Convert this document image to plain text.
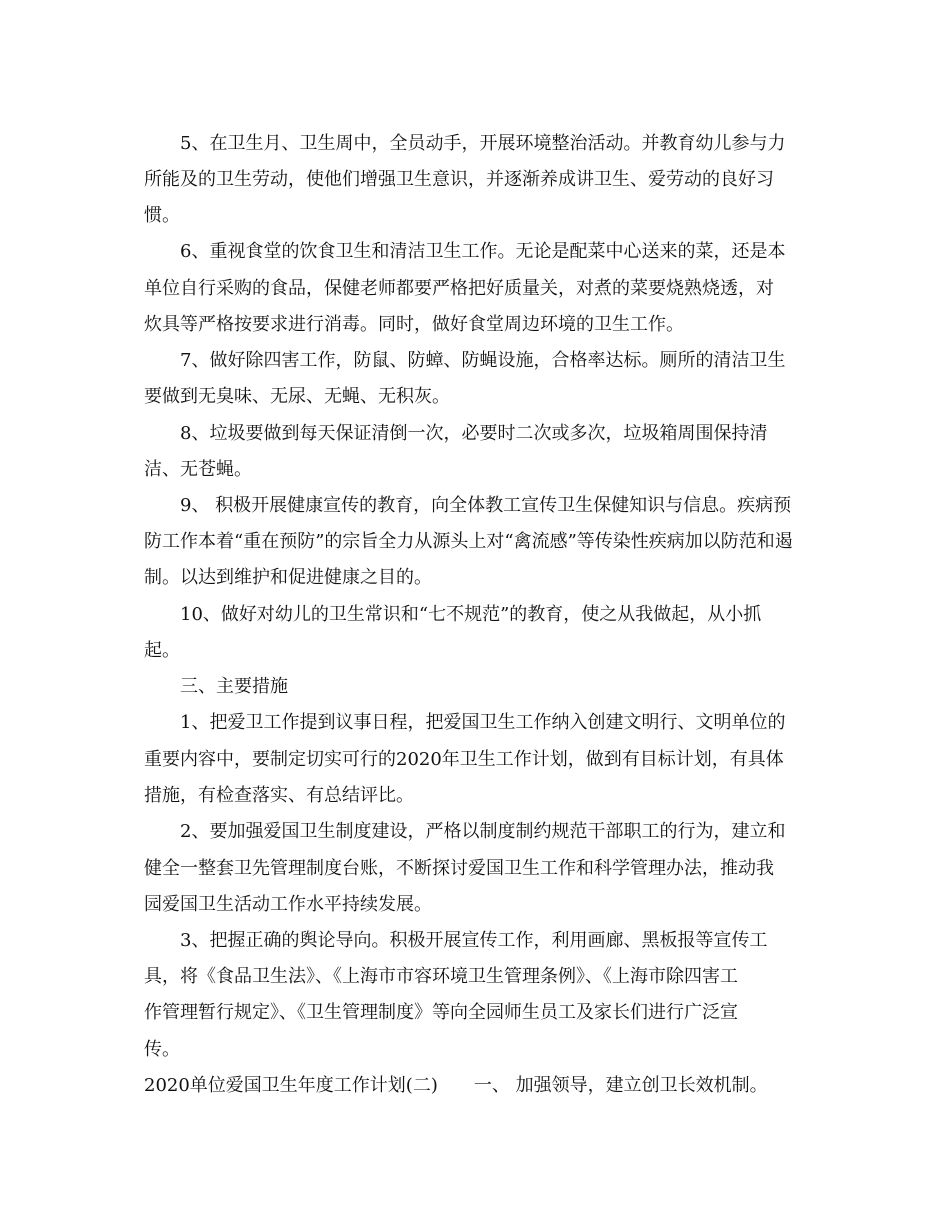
5、在卫生月、卫生周中，全员动手，开展环境整治活动。并教育幼儿参与力
所能及的卫生劳动，使他们增强卫生意识，并逐渐养成讲卫生、爱劳动的良好习
惯。
6、重视食堂的饮食卫生和清洁卫生工作。无论是配菜中心送来的菜，还是本
单位自行采购的食品，保健老师都要严格把好质量关，对煮的菜要烧熟烧透，对
炊具等严格按要求进行消毒。同时，做好食堂周边环境的卫生工作。
7、做好除四害工作，防鼠、防蟑、防蝇设施，合格率达标。厕所的清洁卫生
要做到无臭味、无尿、无蝇、无积灰。
8、垃圾要做到每天保证清倒一次，必要时二次或多次，垃圾箱周围保持清
洁、无苍蝇。
9、 积极开展健康宣传的教育，向全体教工宣传卫生保健知识与信息。疾病预
防工作本着“重在预防”的宗旨全力从源头上对“禽流感”等传染性疾病加以防范和遏
制。以达到维护和促进健康之目的。
10、做好对幼儿的卫生常识和“七不规范”的教育，使之从我做起，从小抓
起。
三、主要措施
1、把爱卫工作提到议事日程，把爱国卫生工作纳入创建文明行、文明单位的
重要内容中，要制定切实可行的2020年卫生工作计划，做到有目标计划，有具体
措施，有检查落实、有总结评比。
2、要加强爱国卫生制度建设，严格以制度制约规范干部职工的行为，建立和
健全一整套卫先管理制度台账，不断探讨爱国卫生工作和科学管理办法，推动我
园爱国卫生活动工作水平持续发展。
3、把握正确的舆论导向。积极开展宣传工作，利用画廊、黑板报等宣传工
具，将《食品卫生法》、《上海市市容环境卫生管理条例》、《上海市除四害工
作管理暂行规定》、《卫生管理制度》等向全园师生员工及家长们进行广泛宣
传。
2020单位爱国卫生年度工作计划(二)　　一、 加强领导，建立创卫长效机制。
